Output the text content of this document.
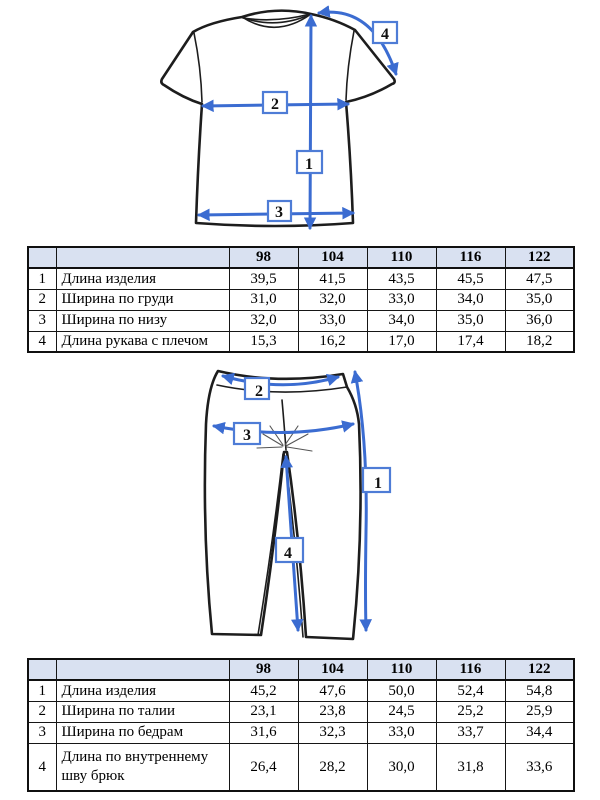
1
2
3
4
		98	104	110	116	122
1	Длина изделия	39,5	41,5	43,5	45,5	47,5
2	Ширина по груди	31,0	32,0	33,0	34,0	35,0
3	Ширина по низу	32,0	33,0	34,0	35,0	36,0
4	Длина рукава с плечом	15,3	16,2	17,0	17,4	18,2
2
3
1
4
		98	104	110	116	122
1	Длина изделия	45,2	47,6	50,0	52,4	54,8
2	Ширина по талии	23,1	23,8	24,5	25,2	25,9
3	Ширина по бедрам	31,6	32,3	33,0	33,7	34,4
4	Длина по внутреннему шву брюк	26,4	28,2	30,0	31,8	33,6
